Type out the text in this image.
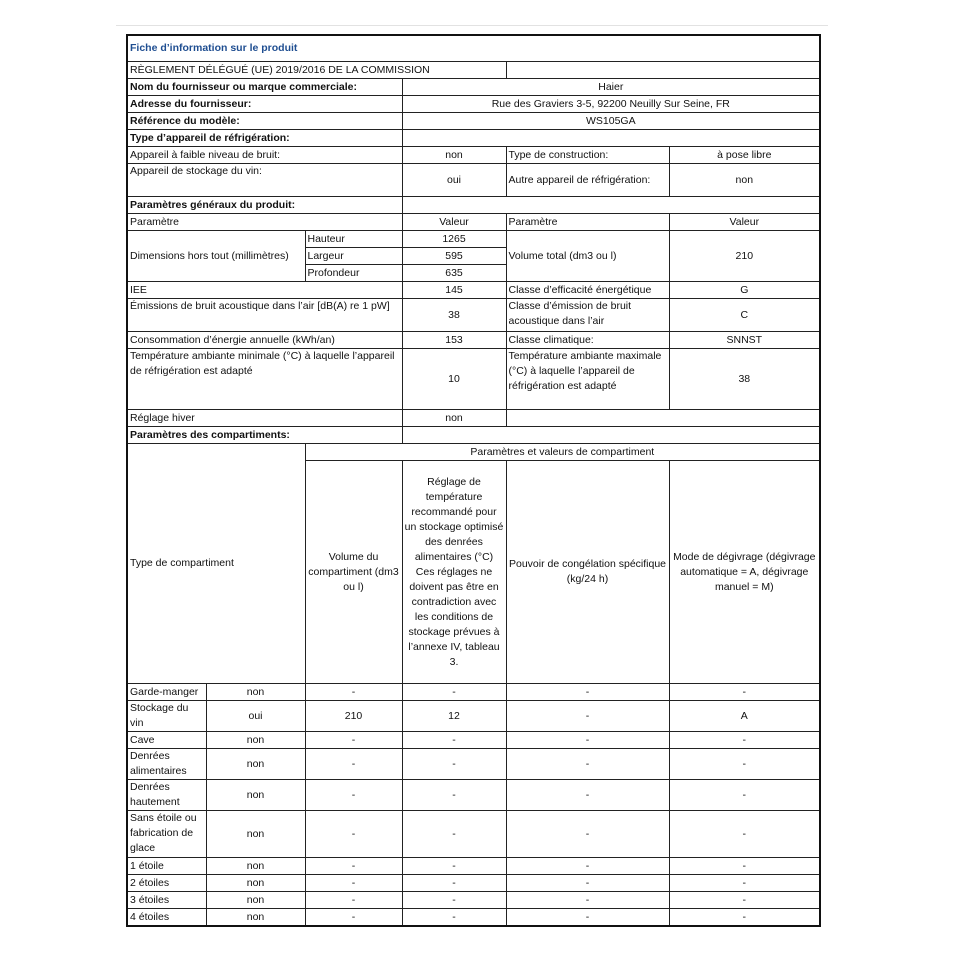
Fiche d’information sur le produit					
RÈGLEMENT DÉLÉGUÉ (UE) 2019/2016 DE LA COMMISSION					
Nom du fournisseur ou marque commerciale:			Haier		
Adresse du fournisseur:			Rue des Graviers 3-5, 92200 Neuilly Sur Seine, FR		
Référence du modèle:			WS105GA		
Type d’appareil de réfrigération:					
Appareil à faible niveau de bruit:			non	Type de construction:	à pose libre
Appareil de stockage du vin:			oui	Autre appareil de réfrigération:	non
Paramètres généraux du produit:					
Paramètre			Valeur	Paramètre	Valeur
Dimensions hors tout (millimètres)		Hauteur	1265	Volume total (dm3 ou l)	210
		Largeur	595		
		Profondeur	635		
IEE			145	Classe d’efficacité énergétique	G
Émissions de bruit acoustique dans l’air [dB(A) re 1 pW]			38	Classe d’émission de bruit acoustique dans l’air	C
Consommation d’énergie annuelle (kWh/an)			153	Classe climatique:	SNNST
Température ambiante minimale (°C) à laquelle l’appareil de réfrigération est adapté			10	Température ambiante maximale (°C) à laquelle l’appareil de réfrigération est adapté	38
Réglage hiver			non		
Paramètres des compartiments:					
Type de compartiment		Paramètres et valeurs de compartiment			
		Volume du compartiment (dm3 ou l)	Réglage de température recommandé pour un stockage optimisé des denrées alimentaires (°C) Ces réglages ne doivent pas être en contradiction avec les conditions de stockage prévues à l’annexe IV, tableau 3.	Pouvoir de congélation spécifique (kg/24 h)	Mode de dégivrage (dégivrage automatique = A, dégivrage manuel = M)
Garde-manger	non	-	-	-	-
Stockage du vin	oui	210	12	-	A
Cave	non	-	-	-	-
Denrées alimentaires	non	-	-	-	-
Denrées hautement	non	-	-	-	-
Sans étoile ou fabrication de glace	non	-	-	-	-
1 étoile	non	-	-	-	-
2 étoiles	non	-	-	-	-
3 étoiles	non	-	-	-	-
4 étoiles	non	-	-	-	-
